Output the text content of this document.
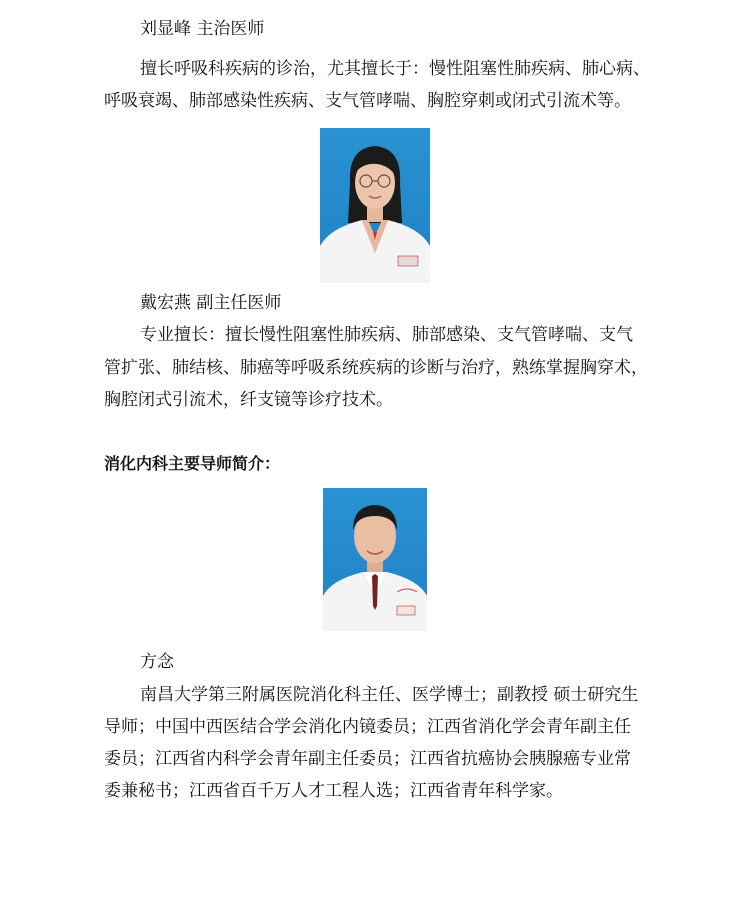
刘显峰 主治医师
擅长呼吸科疾病的诊治，尤其擅长于：慢性阻塞性肺疾病、肺心病、
呼吸衰竭、肺部感染性疾病、支气管哮喘、胸腔穿刺或闭式引流术等。
戴宏燕 副主任医师
专业擅长：擅长慢性阻塞性肺疾病、肺部感染、支气管哮喘、支气
管扩张、肺结核、肺癌等呼吸系统疾病的诊断与治疗，熟练掌握胸穿术，
胸腔闭式引流术，纤支镜等诊疗技术。
消化内科主要导师简介：
方念
南昌大学第三附属医院消化科主任、医学博士；副教授 硕士研究生
导师；中国中西医结合学会消化内镜委员；江西省消化学会青年副主任
委员；江西省内科学会青年副主任委员；江西省抗癌协会胰腺癌专业常
委兼秘书；江西省百千万人才工程人选；江西省青年科学家。
